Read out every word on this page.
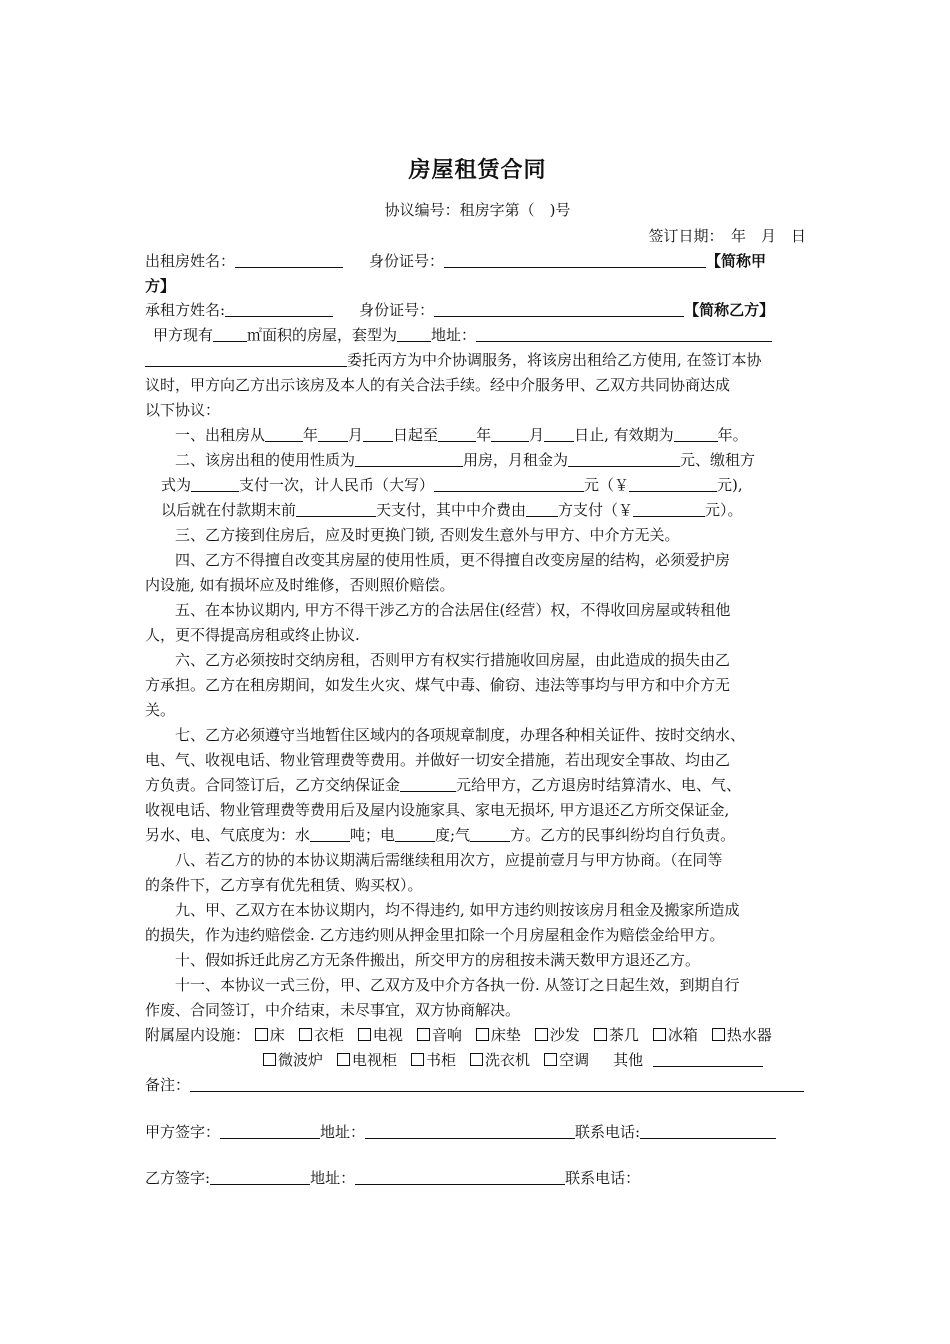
房屋租赁合同
协议编号：租房字第（　)号
签订日期：　年　月　日
出租房姓名：	身份证号：	【简称甲
方】
承租方姓名:	身份证号：	【简称乙方】
甲方现有 ㎡面积的房屋，套型为 地址：
委托丙方为中介协调服务，将该房出租给乙方使用, 在签订本协
议时，甲方向乙方出示该房及本人的有关合法手续。经中介服务甲、乙双方共同协商达成
以下协议：
一、出租房从	年 月 日起至	年	月 日止, 有效期为	年。
二、该房出租的使用性质为	用房，月租金为	元、缴租方
式为	支付一次，计人民币（大写）	元（￥	元),
以后就在付款期末前	天支付，其中中介费由 方支付（￥	元）。
三、乙方接到住房后，应及时更换门锁, 否则发生意外与甲方、中介方无关。
四、乙方不得擅自改变其房屋的使用性质，更不得擅自改变房屋的结构，必须爱护房
内设施, 如有损坏应及时维修，否则照价赔偿。
五、在本协议期内, 甲方不得干涉乙方的合法居住(经营）权，不得收回房屋或转租他
人，更不得提高房租或终止协议.
六、乙方必须按时交纳房租，否则甲方有权实行措施收回房屋，由此造成的损失由乙
方承担。乙方在租房期间，如发生火灾、煤气中毒、偷窃、违法等事均与甲方和中介方无
关。
七、乙方必须遵守当地暂住区域内的各项规章制度，办理各种相关证件、按时交纳水、
电、气、收视电话、物业管理费等费用。并做好一切安全措施，若出现安全事故、均由乙
方负责。合同签订后，乙方交纳保证金	元给甲方，乙方退房时结算清水、电、气、
收视电话、物业管理费等费用后及屋内设施家具、家电无损坏, 甲方退还乙方所交保证金,
另水、电、气底度为：水	吨；电	度;气	方。乙方的民事纠纷均自行负责。
八、若乙方的协的本协议期满后需继续租用次方，应提前壹月与甲方协商。（在同等
的条件下，乙方享有优先租赁、购买权）。
九、甲、乙双方在本协议期内，均不得违约, 如甲方违约则按该房月租金及搬家所造成
的损失，作为违约赔偿金. 乙方违约则从押金里扣除一个月房屋租金作为赔偿金给甲方。
十、假如拆迁此房乙方无条件搬出，所交甲方的房租按未满天数甲方退还乙方。
十一、本协议一式三份，甲、乙双方及中介方各执一份. 从签订之日起生效，到期自行
作废、合同签订，中介结束，未尽事宜，双方协商解决。
附属屋内设施： 床 衣柜 电视 音响 床垫 沙发 茶几 冰箱 热水器
微波炉 电视柜 书柜 洗衣机 空调 其他
备注：
甲方签字：	地址：	联系电话:
乙方签字:	地址：	联系电话：
